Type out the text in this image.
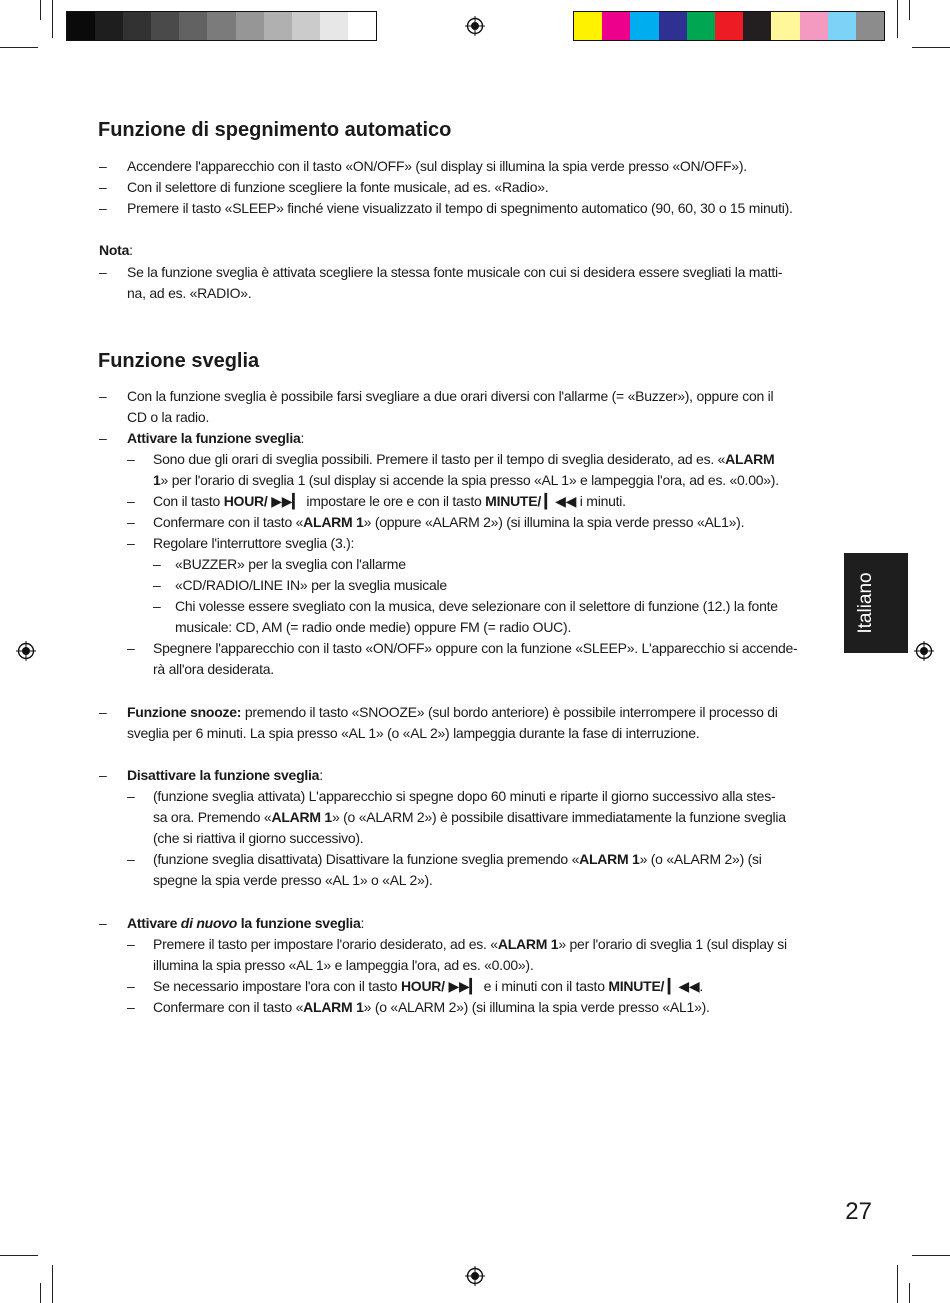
Italiano
Funzione di spegnimento automatico
– Accendere l'apparecchio con il tasto «ON/OFF» (sul display si illumina la spia verde presso «ON/OFF»).
– Con il selettore di funzione scegliere la fonte musicale, ad es. «Radio».
– Premere il tasto «SLEEP» finché viene visualizzato il tempo di spegnimento automatico (90, 60, 30 o 15 minuti).
Nota:
– Se la funzione sveglia è attivata scegliere la stessa fonte musicale con cui si desidera essere svegliati la matti-
na, ad es. «RADIO».
Funzione sveglia
– Con la funzione sveglia è possibile farsi svegliare a due orari diversi con l'allarme (= «Buzzer»), oppure con il
CD o la radio.
– Attivare la funzione sveglia:
– Sono due gli orari di sveglia possibili. Premere il tasto per il tempo di sveglia desiderato, ad es. «ALARM
1» per l'orario di sveglia 1 (sul display si accende la spia presso «AL 1» e lampeggia l'ora, ad es. «0.00»).
– Con il tasto HOUR/ ▶▶▎ impostare le ore e con il tasto MINUTE/ ▎◀◀ i minuti.
– Confermare con il tasto «ALARM 1» (oppure «ALARM 2») (si illumina la spia verde presso «AL1»).
– Regolare l'interruttore sveglia (3.):
– «BUZZER» per la sveglia con l'allarme
– «CD/RADIO/LINE IN» per la sveglia musicale
– Chi volesse essere svegliato con la musica, deve selezionare con il selettore di funzione (12.) la fonte
musicale: CD, AM (= radio onde medie) oppure FM (= radio OUC).
– Spegnere l'apparecchio con il tasto «ON/OFF» oppure con la funzione «SLEEP». L'apparecchio si accende-
rà all'ora desiderata.
– Funzione snooze: premendo il tasto «SNOOZE» (sul bordo anteriore) è possibile interrompere il processo di
sveglia per 6 minuti. La spia presso «AL 1» (o «AL 2») lampeggia durante la fase di interruzione.
– Disattivare la funzione sveglia:
– (funzione sveglia attivata) L'apparecchio si spegne dopo 60 minuti e riparte il giorno successivo alla stes-
sa ora. Premendo «ALARM 1» (o «ALARM 2») è possibile disattivare immediatamente la funzione sveglia
(che si riattiva il giorno successivo).
– (funzione sveglia disattivata) Disattivare la funzione sveglia premendo «ALARM 1» (o «ALARM 2») (si
spegne la spia verde presso «AL 1» o «AL 2»).
– Attivare di nuovo la funzione sveglia:
– Premere il tasto per impostare l'orario desiderato, ad es. «ALARM 1» per l'orario di sveglia 1 (sul display si
illumina la spia presso «AL 1» e lampeggia l'ora, ad es. «0.00»).
– Se necessario impostare l'ora con il tasto HOUR/ ▶▶▎ e i minuti con il tasto MINUTE/ ▎◀◀.
– Confermare con il tasto «ALARM 1» (o «ALARM 2») (si illumina la spia verde presso «AL1»).
27
